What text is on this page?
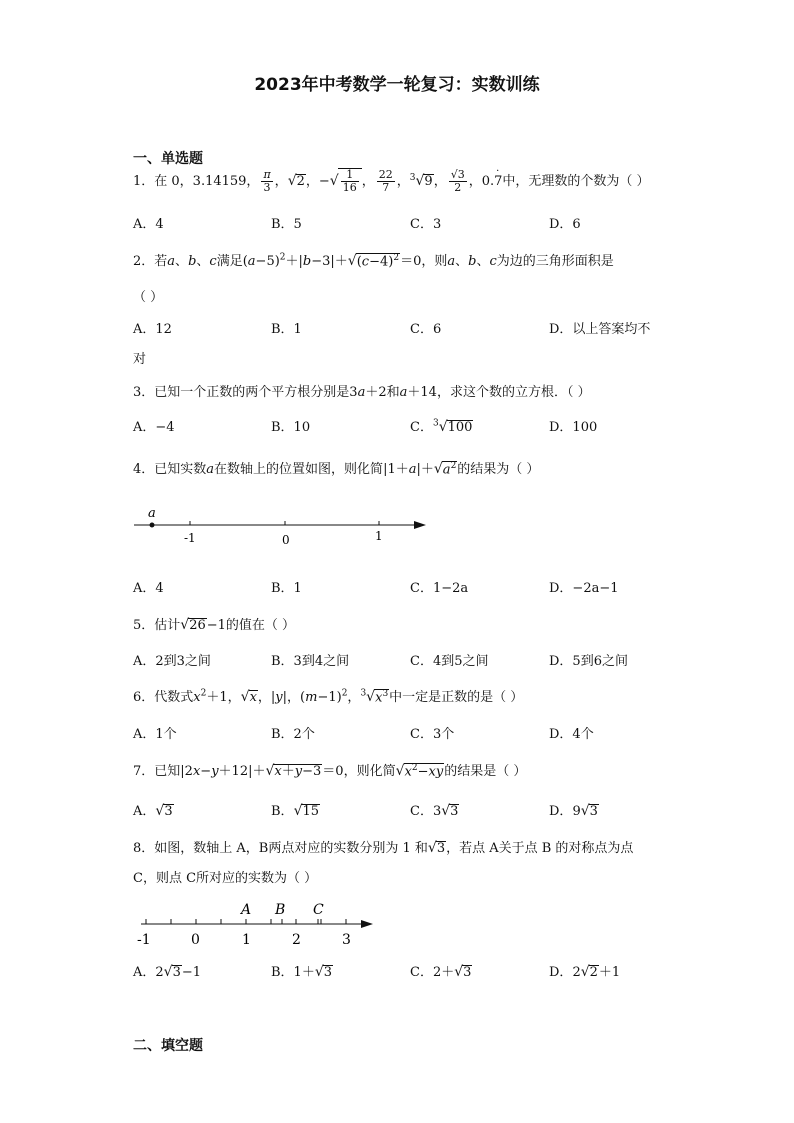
2023年中考数学一轮复习：实数训练
一、单选题
1．在 0，3.14159， $\frac{\pi}{3}$ ，√2，−√ $\frac{1}{16}$ ， $\frac{22}{7}$ ，$^3$√9， $\frac{√3}{2}$ ，0.7
·
中，无理数的个数为（ ）
A．4	B．5	C．3	D．6
2．若a、b、c满足$(a-5)^2+|b-3|+√(c-4)^2=0$，则a、b、c为边的三角形面积是
（ ）
A．12	B．1	C．6	D．以上答案均不
对
3．已知一个正数的两个平方根分别是3a＋2和a＋14，求这个数的立方根．（ ）
A．−4	B．10	C．$^3$√100	D．100
4．已知实数a在数轴上的位置如图，则化简$|1+a|+√a^2$的结果为（ ）
a
-1	0	1
A．4	B．1	C．1−2a	D．−2a−1
5．估计√26−1的值在（ ）
A．2到3之间	B．3到4之间	C．4到5之间	D．5到6之间
6．代数式$x^2+1$，√x，|y|，$(m-1)^2$，$^3√x^3$中一定是正数的是（ ）
A．1个	B．2个	C．3个	D．4个
7．已知|2x−y＋12|＋√x＋y−3＝0，则化简$√x^2-xy$的结果是（ ）
A．√3	B．√15	C．3√3	D．9√3
8．如图，数轴上 A，B两点对应的实数分别为 1 和√3，若点 A关于点 B 的对称点为点
C，则点 C所对应的实数为（ ）
A B C
-1	0	1	2	3
A．2√3−1	B．1＋√3	C．2＋√3	D．2√2＋1
二、填空题
